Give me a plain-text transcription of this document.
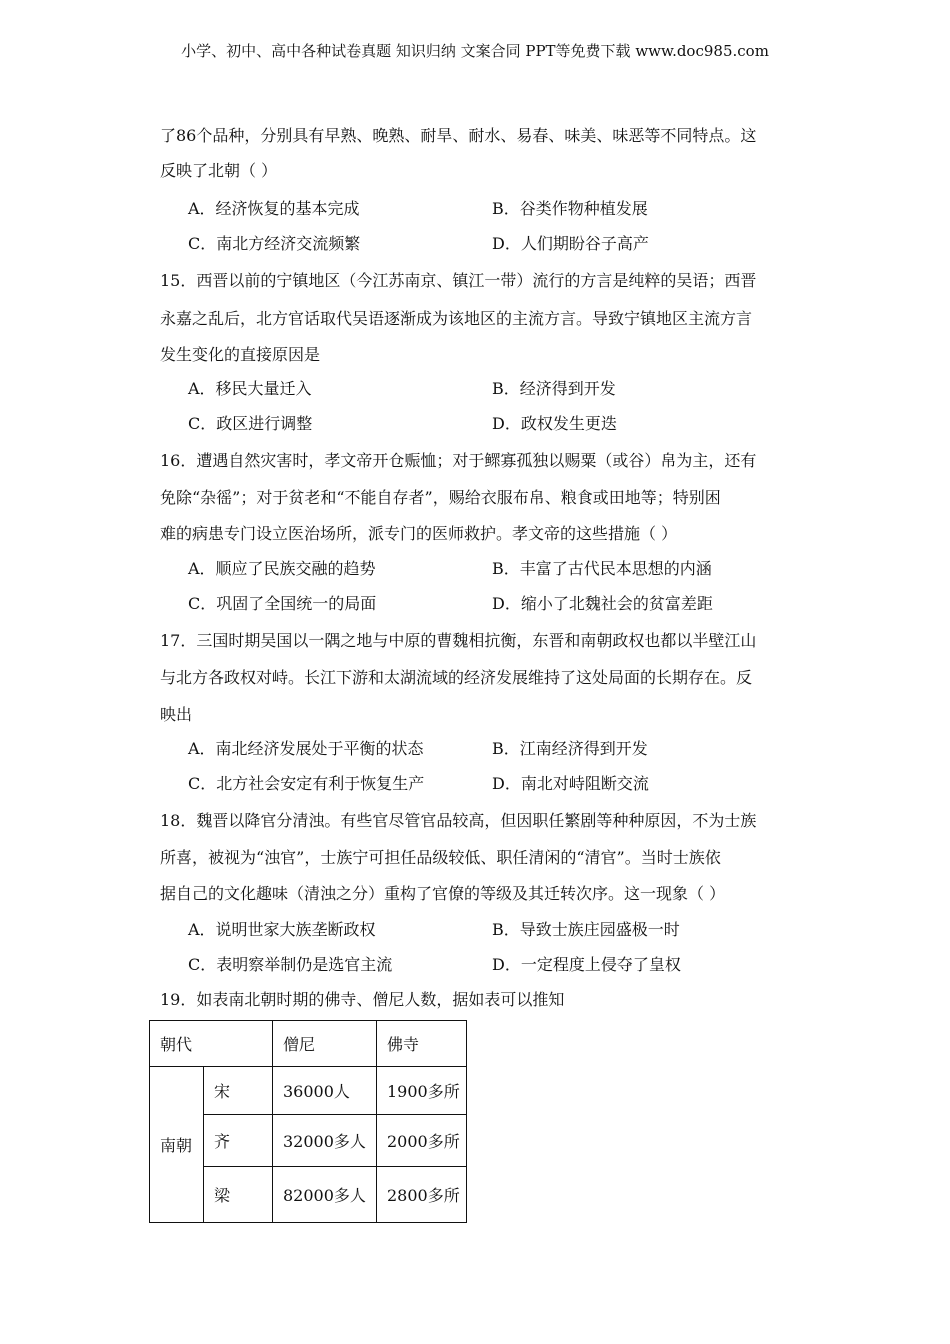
小学、初中、高中各种试卷真题 知识归纳 文案合同 PPT等免费下载 www.doc985.com
了86个品种，分别具有早熟、晚熟、耐旱、耐水、易春、味美、味恶等不同特点。这
反映了北朝（ ）
A．经济恢复的基本完成	B．谷类作物种植发展
C．南北方经济交流频繁	D．人们期盼谷子高产
15．西晋以前的宁镇地区（今江苏南京、镇江一带）流行的方言是纯粹的吴语；西晋
永嘉之乱后，北方官话取代吴语逐渐成为该地区的主流方言。导致宁镇地区主流方言
发生变化的直接原因是
A．移民大量迁入	B．经济得到开发
C．政区进行调整	D．政权发生更迭
16．遭遇自然灾害时，孝文帝开仓赈恤；对于鳏寡孤独以赐粟（或谷）帛为主，还有
免除“杂徭”；对于贫老和“不能自存者”，赐给衣服布帛、粮食或田地等；特别困
难的病患专门设立医治场所，派专门的医师救护。孝文帝的这些措施（ ）
A．顺应了民族交融的趋势	B．丰富了古代民本思想的内涵
C．巩固了全国统一的局面	D．缩小了北魏社会的贫富差距
17．三国时期吴国以一隅之地与中原的曹魏相抗衡，东晋和南朝政权也都以半壁江山
与北方各政权对峙。长江下游和太湖流域的经济发展维持了这处局面的长期存在。反
映出
A．南北经济发展处于平衡的状态	B．江南经济得到开发
C．北方社会安定有利于恢复生产	D．南北对峙阻断交流
18．魏晋以降官分清浊。有些官尽管官品较高，但因职任繁剧等种种原因，不为士族
所喜，被视为“浊官”，士族宁可担任品级较低、职任清闲的“清官”。当时士族依
据自己的文化趣味（清浊之分）重构了官僚的等级及其迁转次序。这一现象（ ）
A．说明世家大族垄断政权	B．导致士族庄园盛极一时
C．表明察举制仍是选官主流	D．一定程度上侵夺了皇权
19．如表南北朝时期的佛寺、僧尼人数，据如表可以推知
朝代		僧尼	佛寺
南朝	宋	36000人	1900多所
	齐	32000多人	2000多所
	梁	82000多人	2800多所
